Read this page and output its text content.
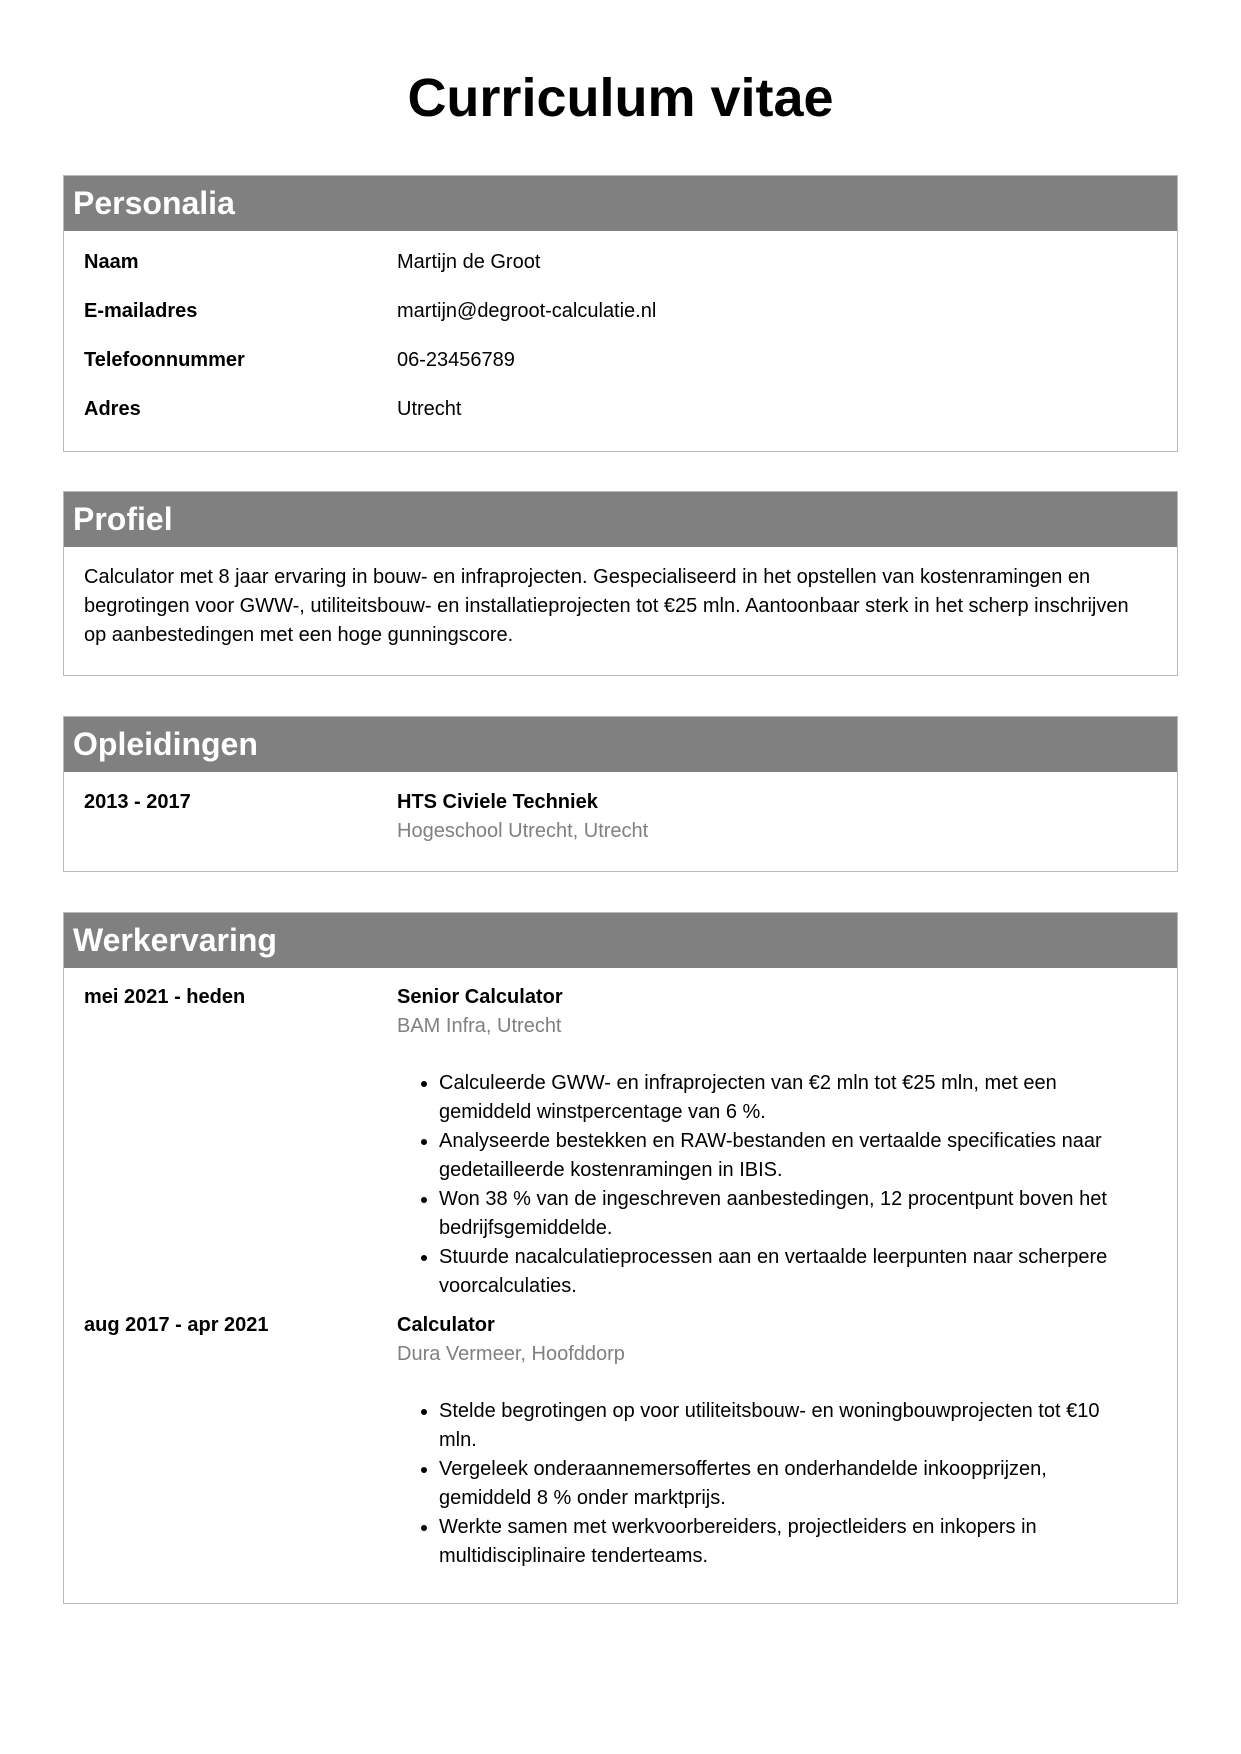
Curriculum vitae
Personalia
Naam	Martijn de Groot
E-mailadres	martijn@degroot-calculatie.nl
Telefoonnummer	06-23456789
Adres	Utrecht
Profiel
Calculator met 8 jaar ervaring in bouw- en infraprojecten. Gespecialiseerd in het opstellen van kostenramingen en begrotingen voor GWW-, utiliteitsbouw- en installatieprojecten tot €25 mln. Aantoonbaar sterk in het scherp inschrijven op aanbestedingen met een hoge gunningscore.
Opleidingen
2013 - 2017	HTS Civiele Techniek
Hogeschool Utrecht, Utrecht
Werkervaring
mei 2021 - heden	Senior Calculator
BAM Infra, Utrecht
• Calculeerde GWW- en infraprojecten van €2 mln tot €25 mln, met een gemiddeld winstpercentage van 6 %.
• Analyseerde bestekken en RAW-bestanden en vertaalde specificaties naar gedetailleerde kostenramingen in IBIS.
• Won 38 % van de ingeschreven aanbestedingen, 12 procentpunt boven het bedrijfsgemiddelde.
• Stuurde nacalculatieprocessen aan en vertaalde leerpunten naar scherpere voorcalculaties.
aug 2017 - apr 2021	Calculator
Dura Vermeer, Hoofddorp
• Stelde begrotingen op voor utiliteitsbouw- en woningbouwprojecten tot €10 mln.
• Vergeleek onderaannemersoffertes en onderhandelde inkoopprijzen, gemiddeld 8 % onder marktprijs.
• Werkte samen met werkvoorbereiders, projectleiders en inkopers in multidisciplinaire tenderteams.
